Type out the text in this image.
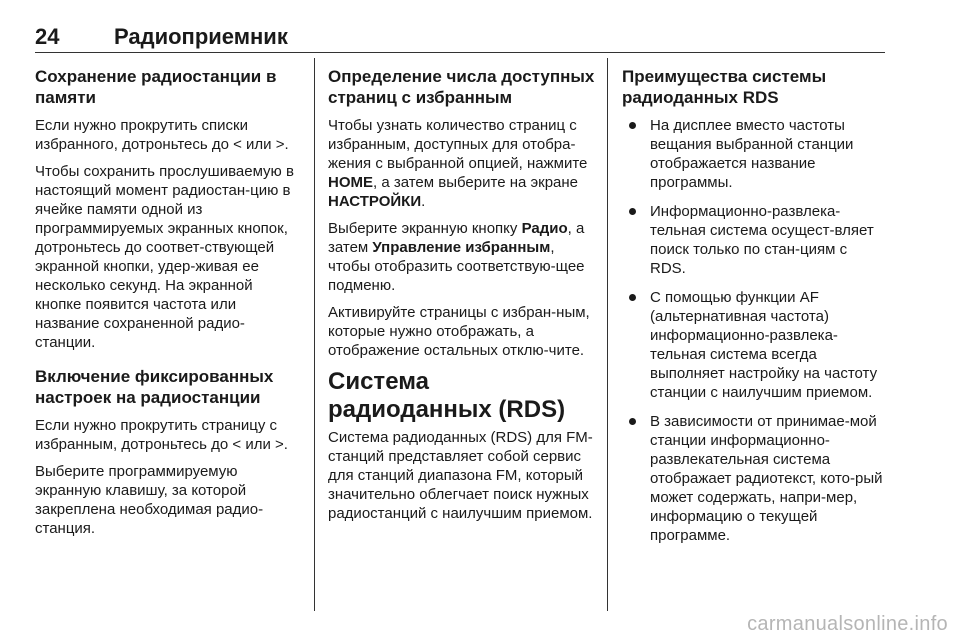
24 Радиоприемник
Сохранение радиостанции в памяти

Если нужно прокрутить списки избранного, дотроньтесь до < или >.

Чтобы сохранить прослушиваемую в настоящий момент радиостан-цию в ячейке памяти одной из программируемых экранных кнопок, дотроньтесь до соответ-ствующей экранной кнопки, удер-живая ее несколько секунд. На экранной кнопке появится частота или название сохраненной радио-станции.

Включение фиксированных настроек на радиостанции

Если нужно прокрутить страницу с избранным, дотроньтесь до < или >.

Выберите программируемую экранную клавишу, за которой закреплена необходимая радио-станция.

Определение числа доступных страниц с избранным

Чтобы узнать количество страниц с избранным, доступных для отобра-жения с выбранной опцией, нажмите HOME, а затем выберите на экране НАСТРОЙКИ.

Выберите экранную кнопку Радио, а затем Управление избранным, чтобы отобразить соответствую-щее подменю.

Активируйте страницы с избран-ным, которые нужно отображать, а отображение остальных отклю-чите.

Система радиоданных (RDS)

Система радиоданных (RDS) для FM-станций представляет собой сервис для станций диапазона FM, который значительно облегчает поиск нужных радиостанций с наилучшим приемом.

Преимущества системы радиоданных RDS
На дисплее вместо частоты вещания выбранной станции отображается название программы.
Информационно-развлека-тельная система осущест-вляет поиск только по стан-циям с RDS.
С помощью функции AF (альтернативная частота) информационно-развлека-тельная система всегда выполняет настройку на частоту станции с наилучшим приемом.
В зависимости от принимае-мой станции информационно-развлекательная система отображает радиотекст, кото-рый может содержать, напри-мер, информацию о текущей программе.
carmanualsonline.info
